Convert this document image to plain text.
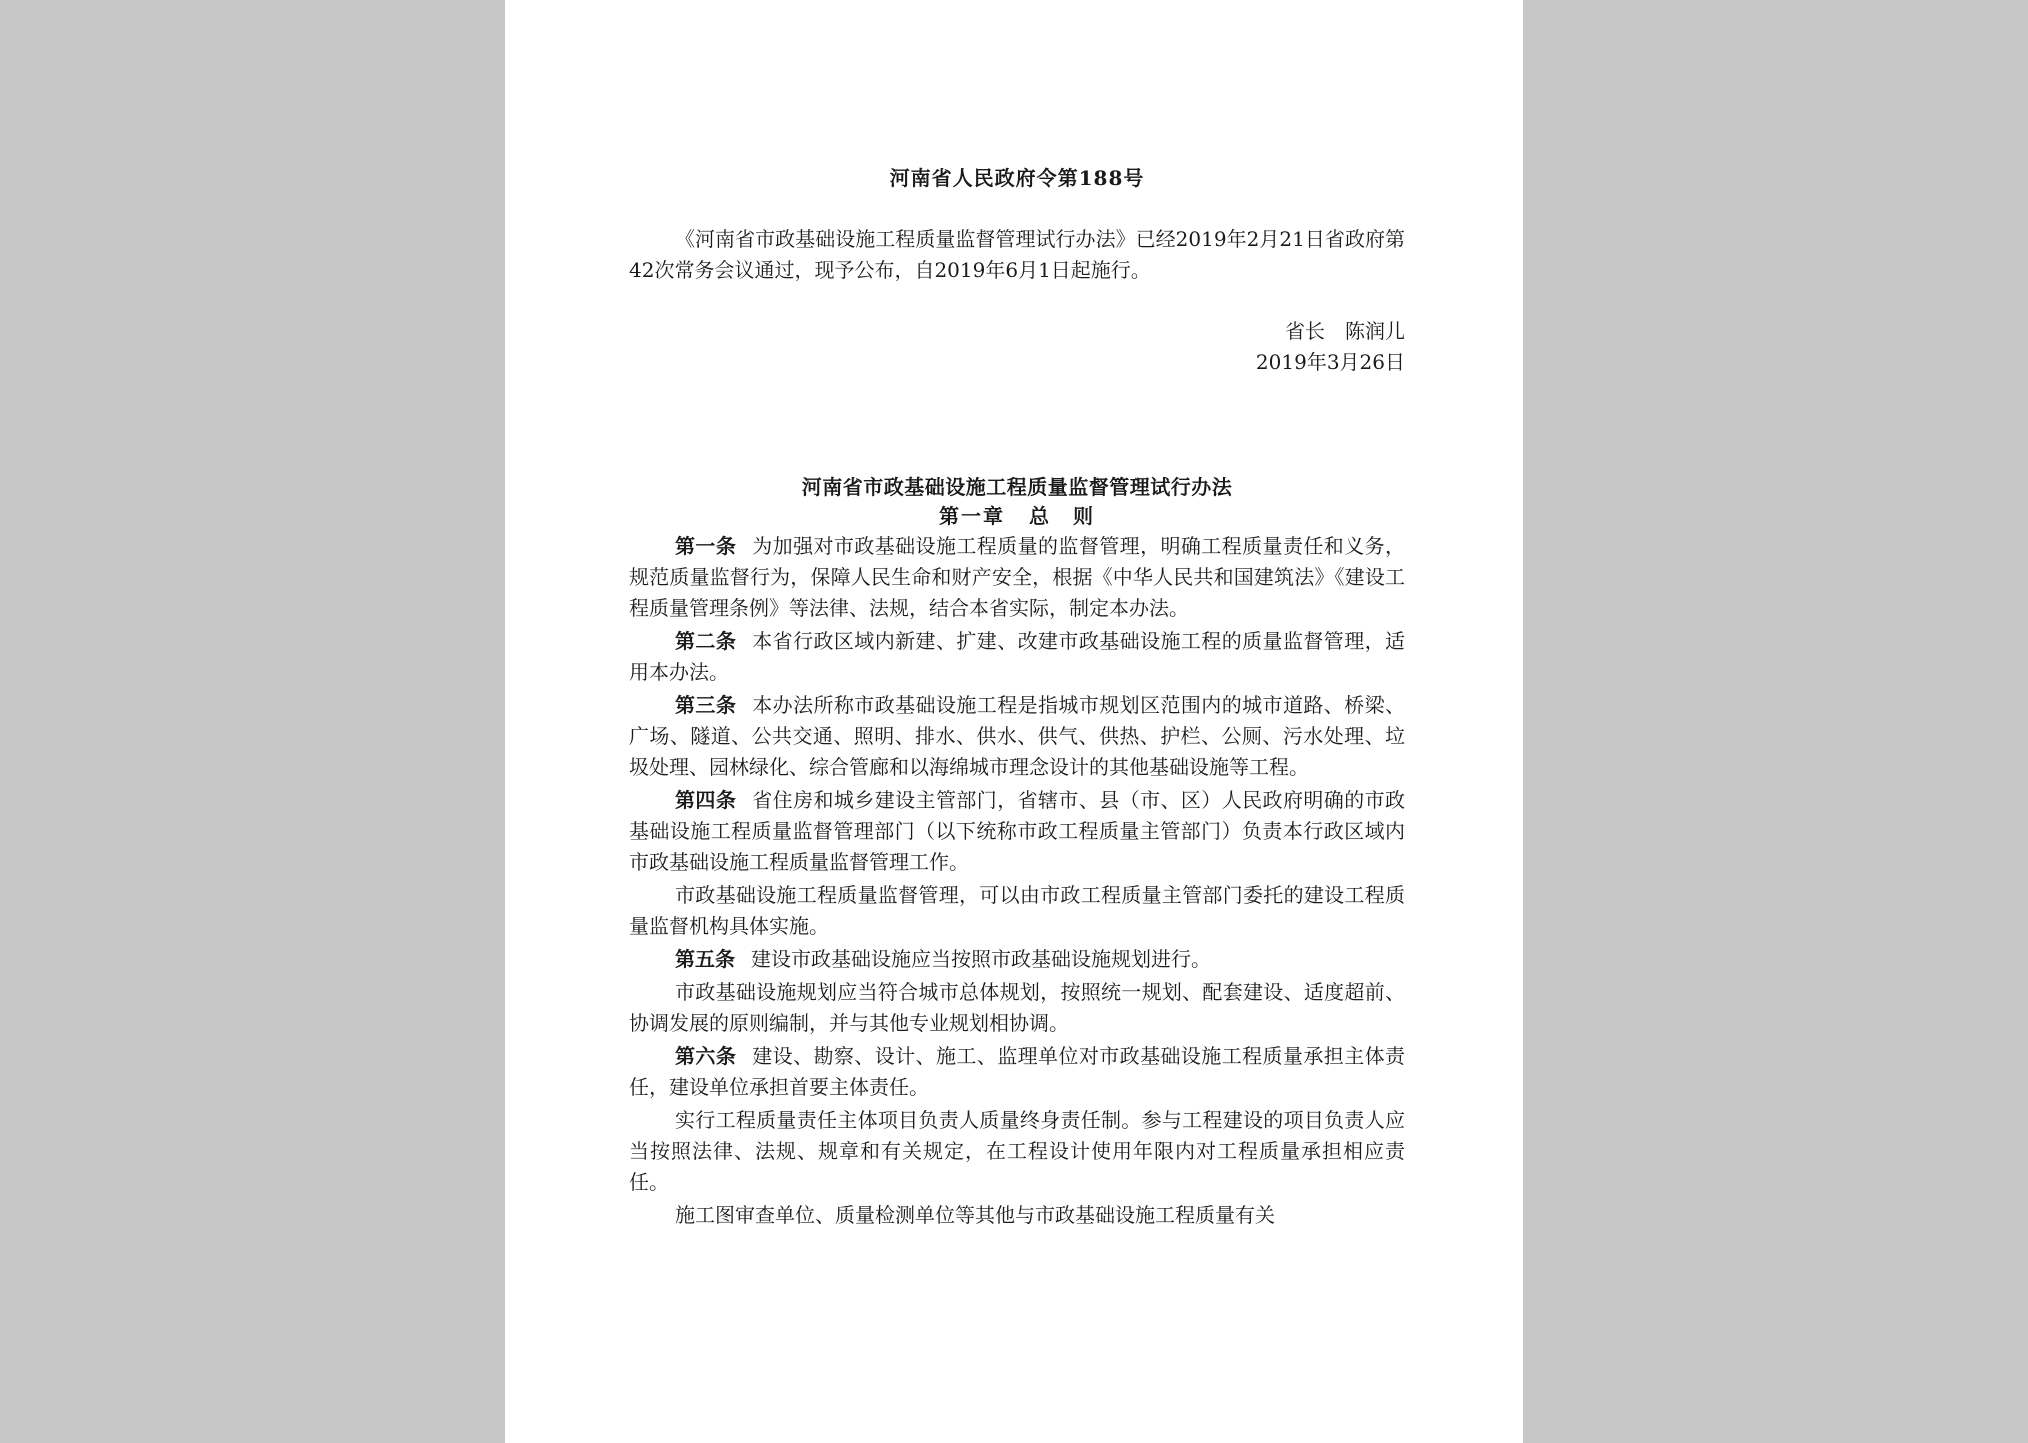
河南省人民政府令第188号
《河南省市政基础设施工程质量监督管理试行办法》已经2019年2月21日省政府第42次常务会议通过，现予公布，自2019年6月1日起施行。
省长 陈润儿
2019年3月26日
河南省市政基础设施工程质量监督管理试行办法
第一章 总　则

第一条 为加强对市政基础设施工程质量的监督管理，明确工程质量责任和义务，规范质量监督行为，保障人民生命和财产安全，根据《中华人民共和国建筑法》《建设工程质量管理条例》等法律、法规，结合本省实际，制定本办法。

第二条 本省行政区域内新建、扩建、改建市政基础设施工程的质量监督管理，适用本办法。

第三条 本办法所称市政基础设施工程是指城市规划区范围内的城市道路、桥梁、广场、隧道、公共交通、照明、排水、供水、供气、供热、护栏、公厕、污水处理、垃圾处理、园林绿化、综合管廊和以海绵城市理念设计的其他基础设施等工程。

第四条 省住房和城乡建设主管部门，省辖市、县（市、区）人民政府明确的市政基础设施工程质量监督管理部门（以下统称市政工程质量主管部门）负责本行政区域内市政基础设施工程质量监督管理工作。

市政基础设施工程质量监督管理，可以由市政工程质量主管部门委托的建设工程质量监督机构具体实施。

第五条 建设市政基础设施应当按照市政基础设施规划进行。

市政基础设施规划应当符合城市总体规划，按照统一规划、配套建设、适度超前、协调发展的原则编制，并与其他专业规划相协调。

第六条 建设、勘察、设计、施工、监理单位对市政基础设施工程质量承担主体责任，建设单位承担首要主体责任。

实行工程质量责任主体项目负责人质量终身责任制。参与工程建设的项目负责人应当按照法律、法规、规章和有关规定，在工程设计使用年限内对工程质量承担相应责任。

施工图审查单位、质量检测单位等其他与市政基础设施工程质量有关
